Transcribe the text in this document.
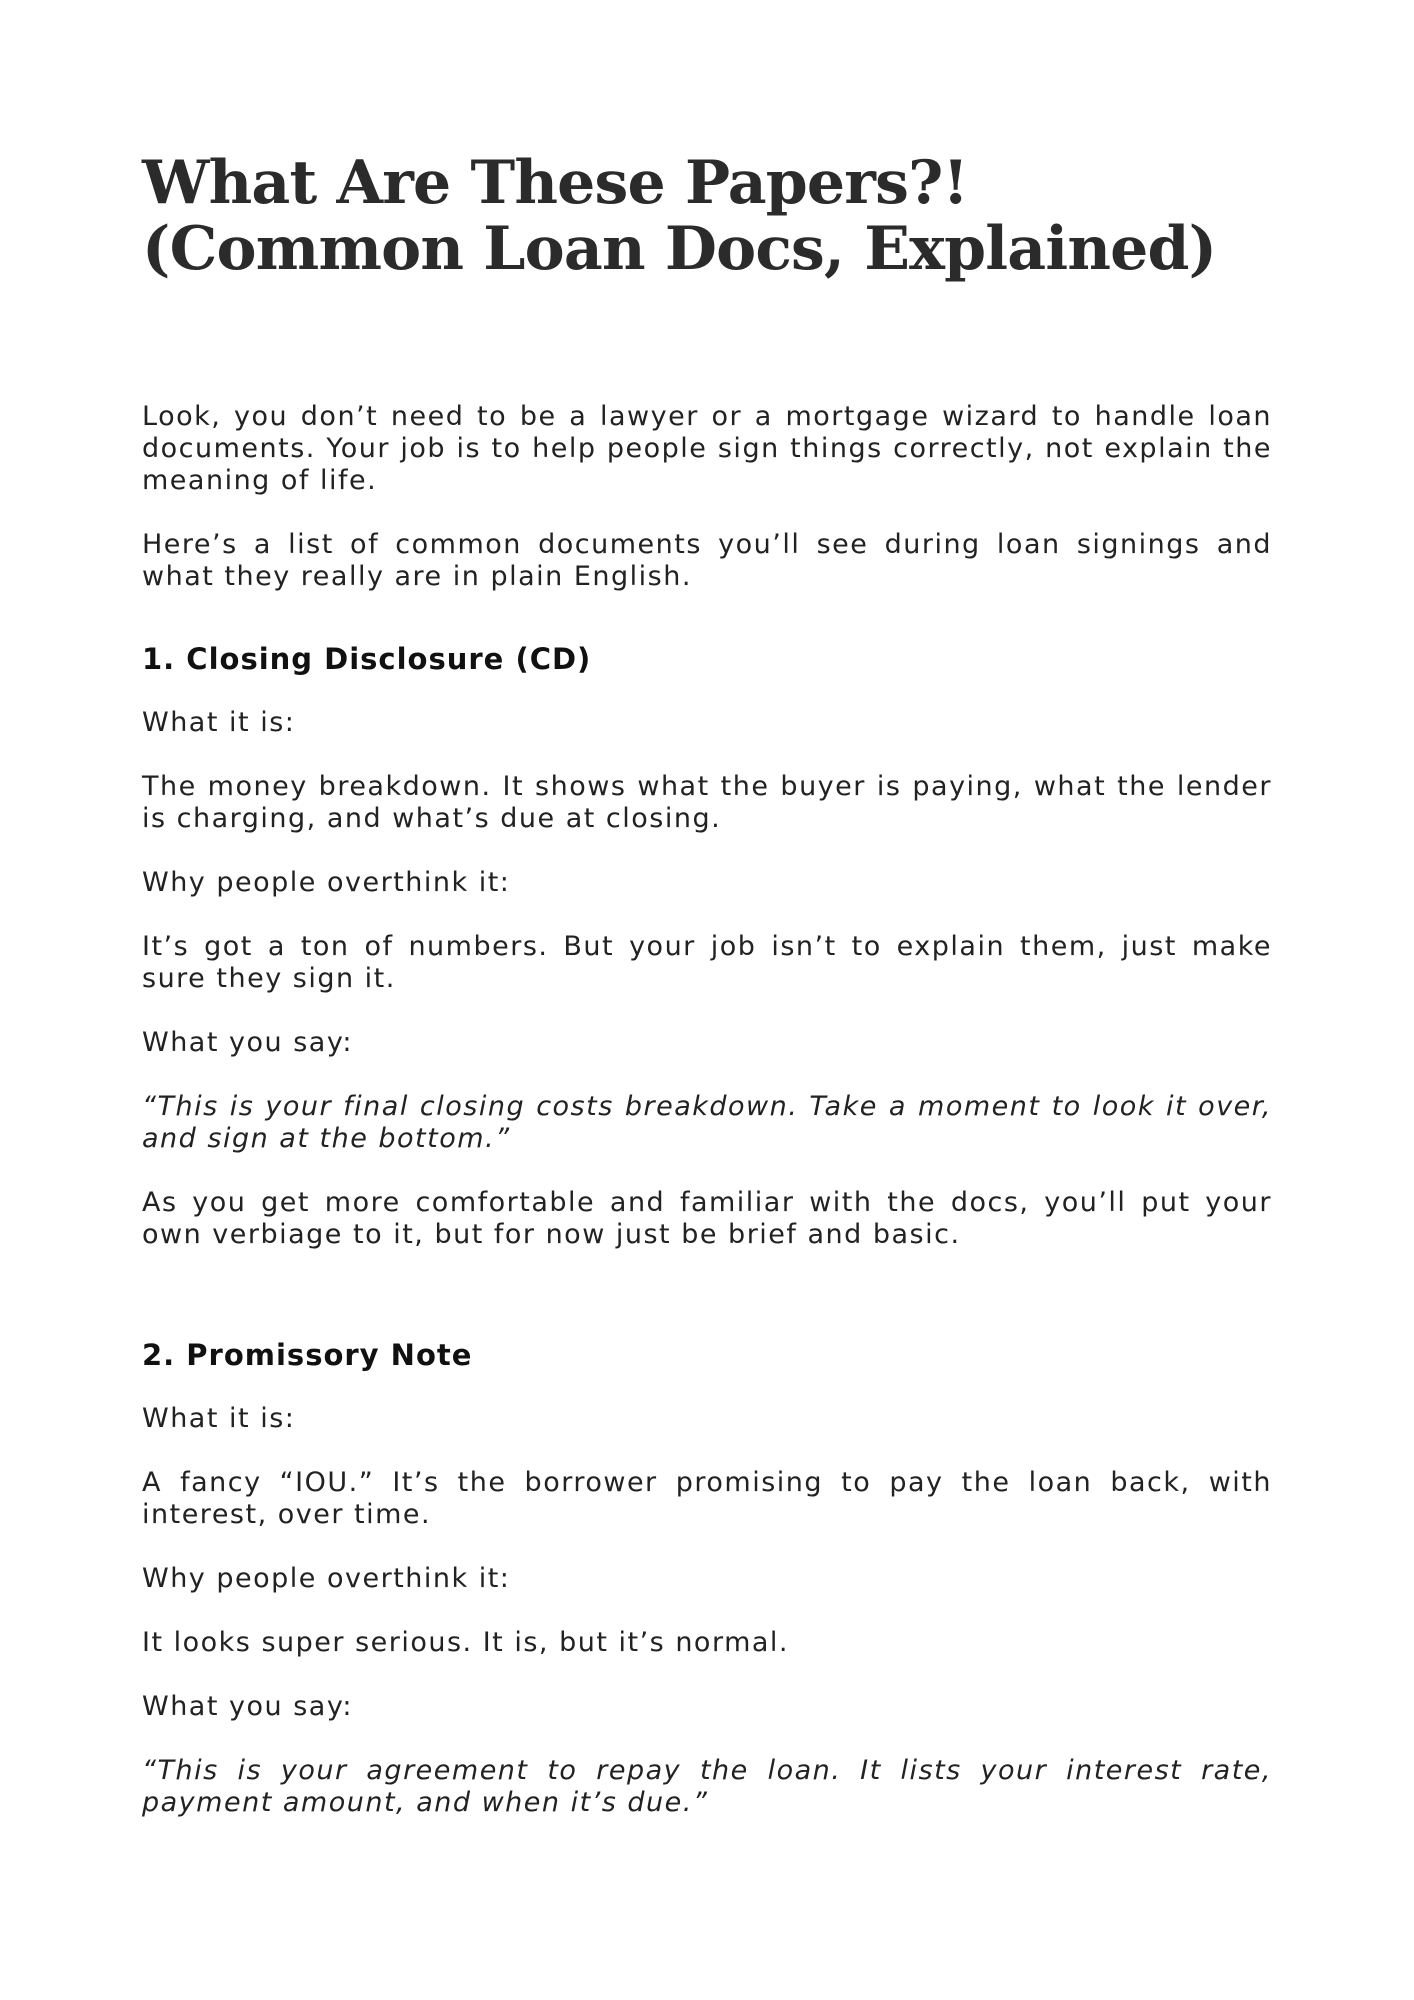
What Are These Papers?! (Common Loan Docs, Explained)

Look, you don’t need to be a lawyer or a mortgage wizard to handle loan documents. Your job is to help people sign things correctly, not explain the meaning of life.

Here’s a list of common documents you’ll see during loan signings and what they really are in plain English.

1. Closing Disclosure (CD)

What it is:

The money breakdown. It shows what the buyer is paying, what the lender is charging, and what’s due at closing.

Why people overthink it:

It’s got a ton of numbers. But your job isn’t to explain them, just make sure they sign it.

What you say:

“This is your final closing costs breakdown. Take a moment to look it over, and sign at the bottom.”

As you get more comfortable and familiar with the docs, you’ll put your own verbiage to it, but for now just be brief and basic.

2. Promissory Note

What it is:

A fancy “IOU.” It’s the borrower promising to pay the loan back, with interest, over time.

Why people overthink it:

It looks super serious. It is, but it’s normal.

What you say:

“This is your agreement to repay the loan. It lists your interest rate, payment amount, and when it’s due.”
